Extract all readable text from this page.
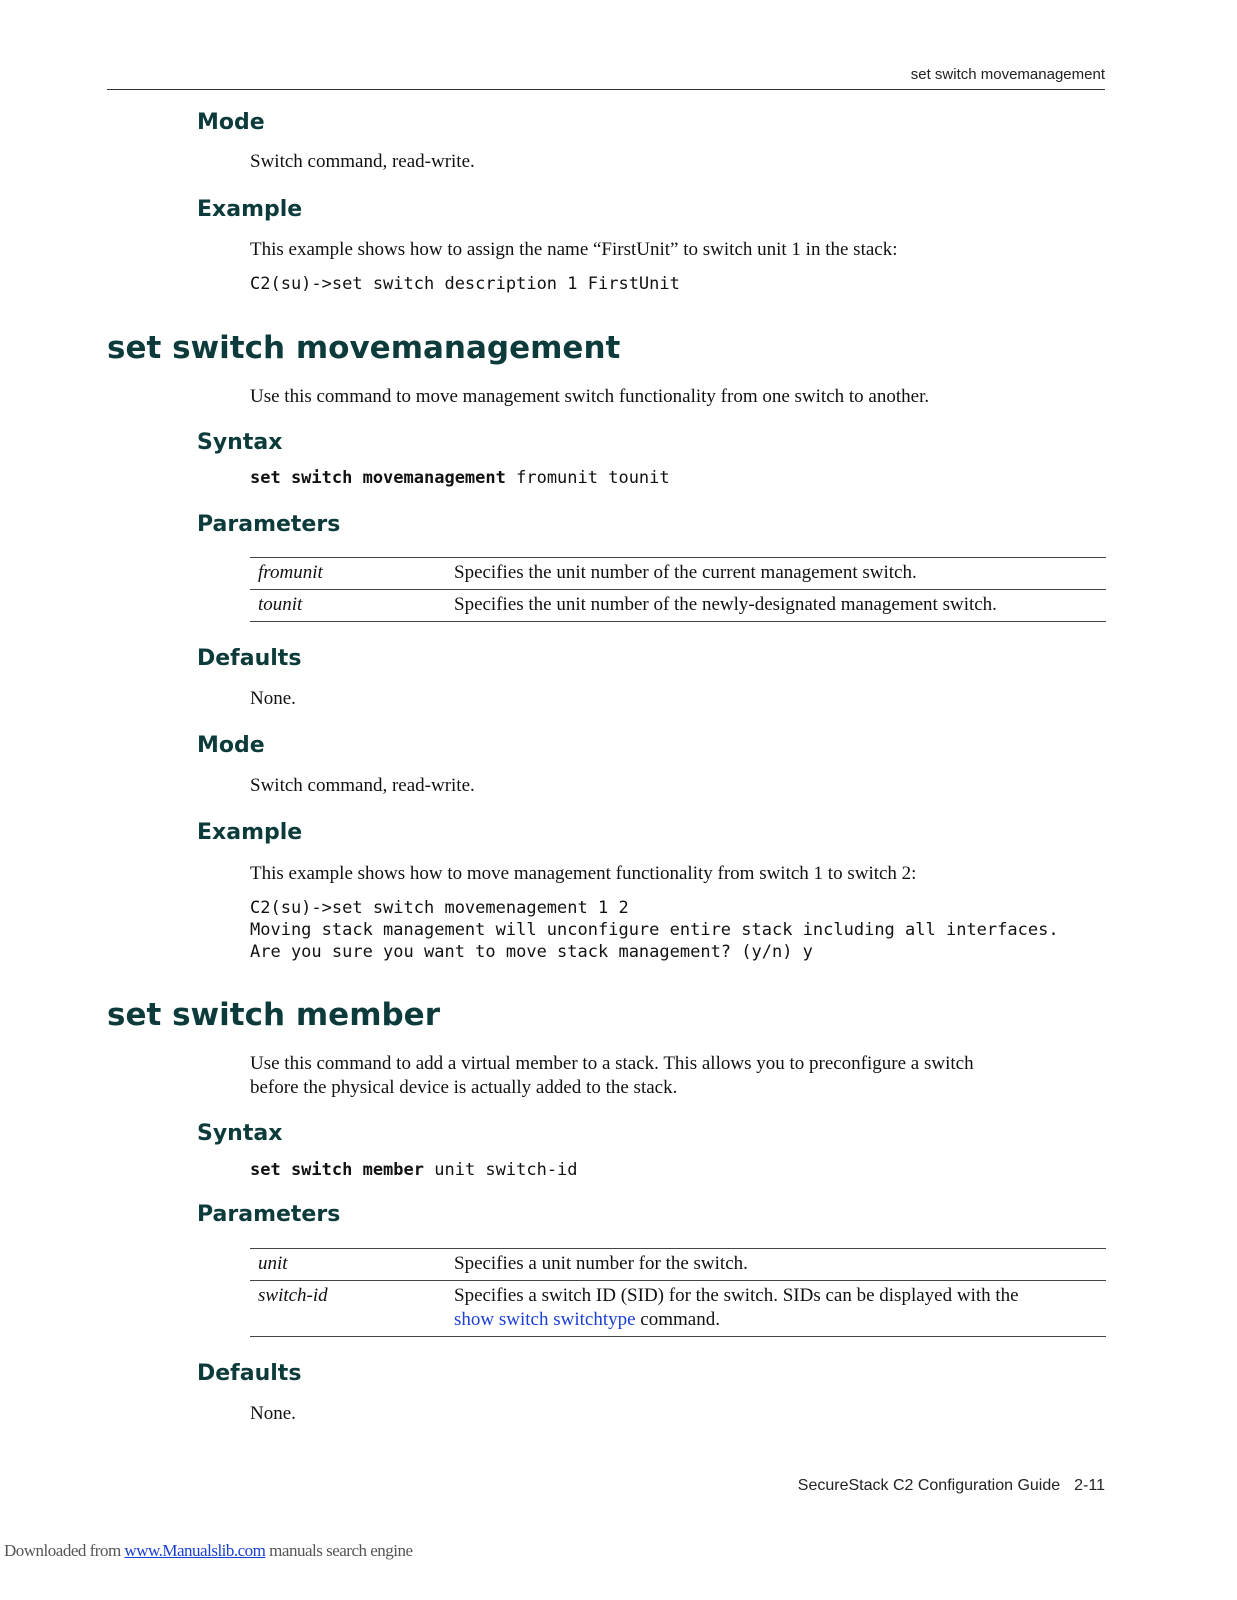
set switch movemanagement
Mode
Switch command, read-write.
Example
This example shows how to assign the name “FirstUnit” to switch unit 1 in the stack:
C2(su)->set switch description 1 FirstUnit
set switch movemanagement
Use this command to move management switch functionality from one switch to another.
Syntax
set switch movemanagement fromunit tounit
Parameters
fromunit	Specifies the unit number of the current management switch.
tounit	Specifies the unit number of the newly-designated management switch.
Defaults
None.
Mode
Switch command, read-write.
Example
This example shows how to move management functionality from switch 1 to switch 2:
C2(su)->set switch movemenagement 1 2
Moving stack management will unconfigure entire stack including all interfaces.
Are you sure you want to move stack management? (y/n) y
set switch member
Use this command to add a virtual member to a stack. This allows you to preconfigure a switch
before the physical device is actually added to the stack.
Syntax
set switch member unit switch-id
Parameters
unit	Specifies a unit number for the switch.
switch-id	Specifies a switch ID (SID) for the switch. SIDs can be displayed with the
show switch switchtype command.
Defaults
None.
SecureStack C2 Configuration Guide 2-11
Downloaded from www.Manualslib.com manuals search engine
